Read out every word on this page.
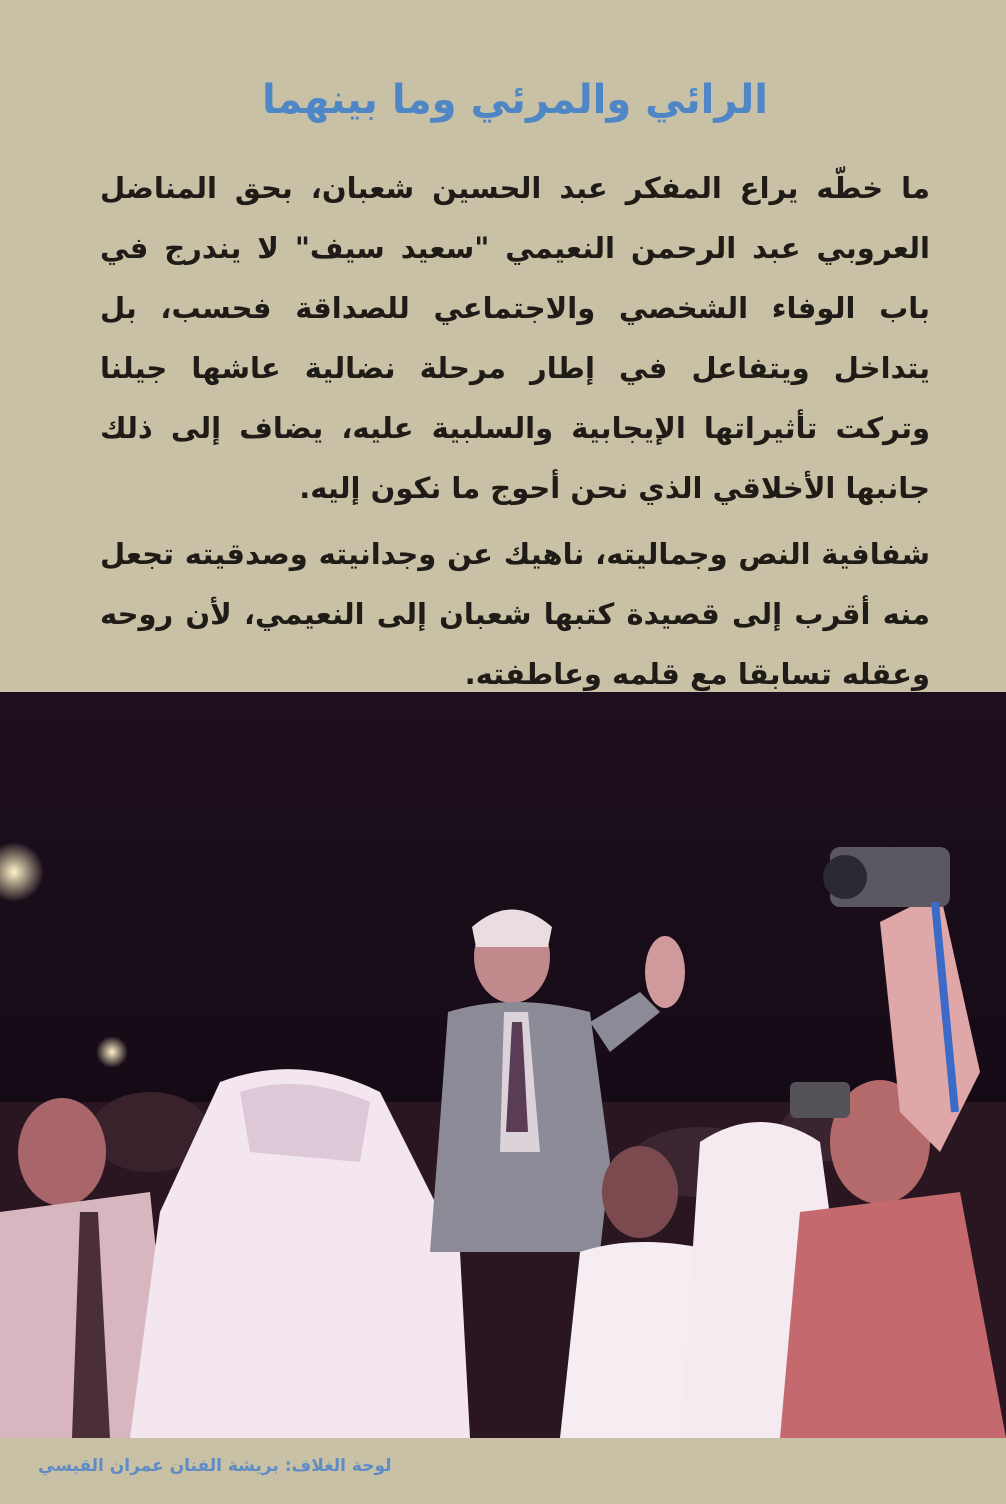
الرائي والمرئي وما بينهما

ما خطّه يراع المفكر عبد الحسين شعبان، بحق المناضل العروبي عبد الرحمن النعيمي "سعيد سيف" لا يندرج في باب الوفاء الشخصي والاجتماعي للصداقة فحسب، بل يتداخل ويتفاعل في إطار مرحلة نضالية عاشها جيلنا وتركت تأثيراتها الإيجابية والسلبية عليه، يضاف إلى ذلك جانبها الأخلاقي الذي نحن أحوج ما نكون إليه.

شفافية النص وجماليته، ناهيك عن وجدانيته وصدقيته تجعل منه أقرب إلى قصيدة كتبها شعبان إلى النعيمي، لأن روحه وعقله تسابقا مع قلمه وعاطفته.

لوحة الغلاف: بريشة الفنان عمران القيسي
